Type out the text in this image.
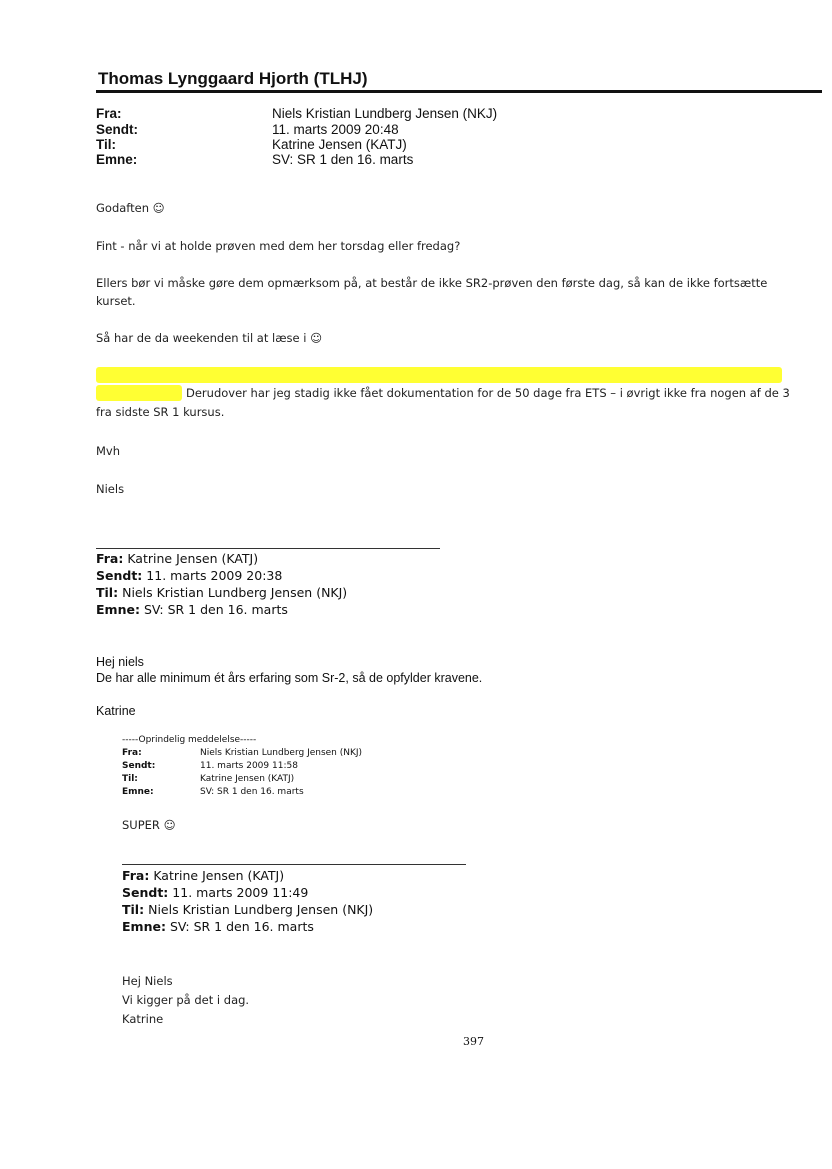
Thomas Lynggaard Hjorth (TLHJ)
Fra:	Niels Kristian Lundberg Jensen (NKJ)
Sendt:	11. marts 2009 20:48
Til:	Katrine Jensen (KATJ)
Emne:	SV: SR 1 den 16. marts
Godaften ☺
Fint - når vi at holde prøven med dem her torsdag eller fredag?
Ellers bør vi måske gøre dem opmærksom på, at består de ikke SR2-prøven den første dag, så kan de ikke fortsætte
kurset.
Så har de da weekenden til at læse i ☺
Derudover har jeg stadig ikke fået dokumentation for de 50 dage fra ETS – i øvrigt ikke fra nogen af de 3
fra sidste SR 1 kursus.
Mvh
Niels
Fra: Katrine Jensen (KATJ)
Sendt: 11. marts 2009 20:38
Til: Niels Kristian Lundberg Jensen (NKJ)
Emne: SV: SR 1 den 16. marts
Hej niels
De har alle minimum ét års erfaring som Sr-2, så de opfylder kravene.
Katrine
-----Oprindelig meddelelse-----
Fra:	Niels Kristian Lundberg Jensen (NKJ)
Sendt:	11. marts 2009 11:58
Til:	Katrine Jensen (KATJ)
Emne:	SV: SR 1 den 16. marts
SUPER ☺
Fra: Katrine Jensen (KATJ)
Sendt: 11. marts 2009 11:49
Til: Niels Kristian Lundberg Jensen (NKJ)
Emne: SV: SR 1 den 16. marts
Hej Niels
Vi kigger på det i dag.
Katrine
397
